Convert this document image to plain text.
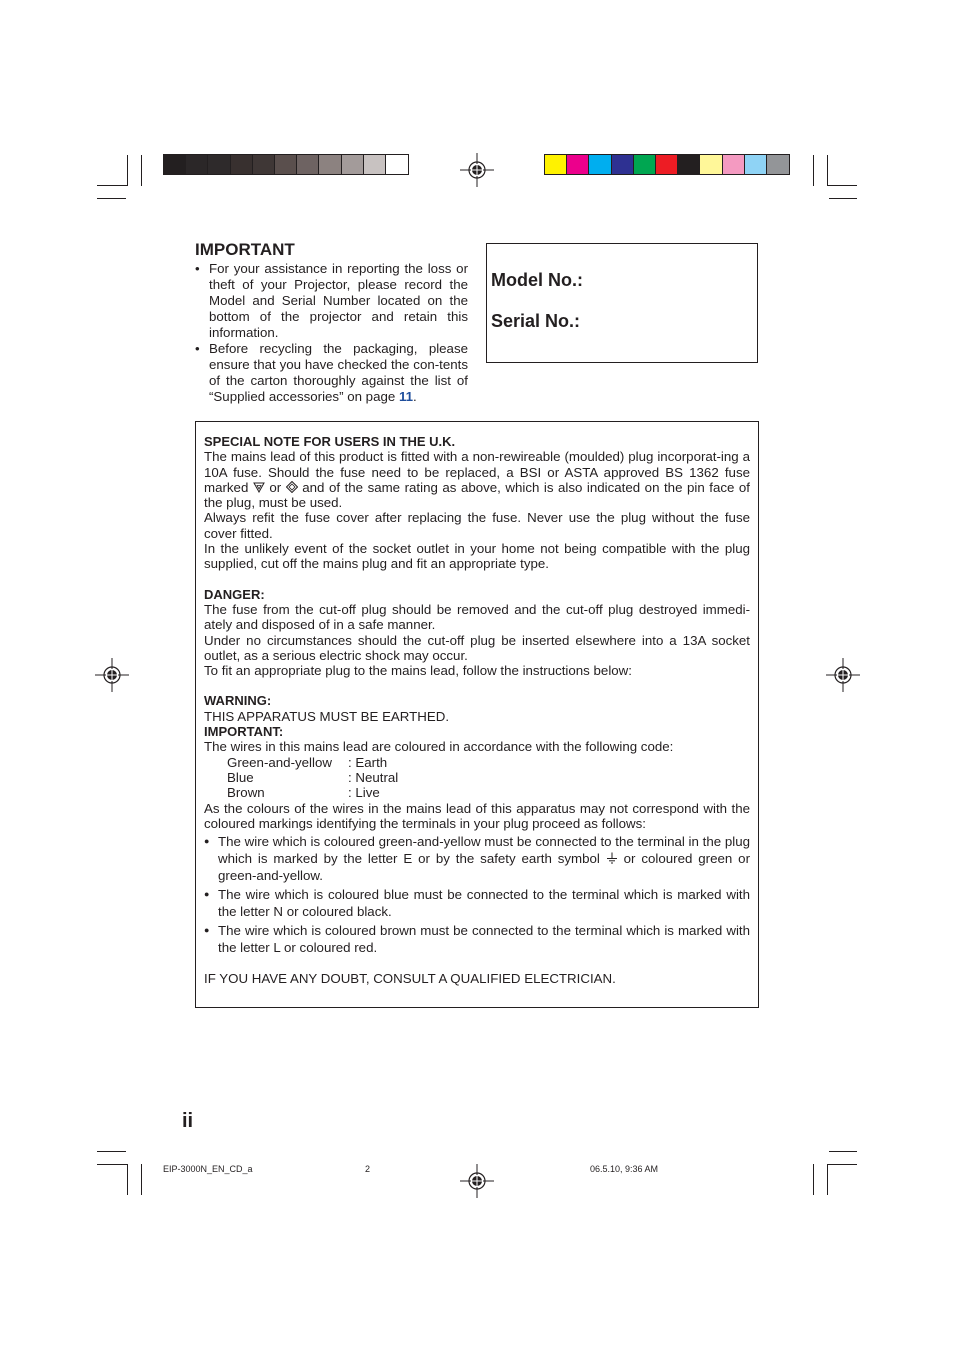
IMPORTANT
• For your assistance in reporting the loss or theft of your Projector, please record the Model and Serial Number located on the bottom of the projector and retain this information.
• Before recycling the packaging, please ensure that you have checked the con-tents of the carton thoroughly against the list of “Supplied accessories” on page 11.
Model No.:
Serial No.:
SPECIAL NOTE FOR USERS IN THE U.K.
The mains lead of this product is fitted with a non-rewireable (moulded) plug incorporat-ing a 10A fuse. Should the fuse need to be replaced, a BSI or ASTA approved BS 1362 fuse marked  or  and of the same rating as above, which is also indicated on the pin face of the plug, must be used.
Always refit the fuse cover after replacing the fuse. Never use the plug without the fuse cover fitted.
In the unlikely event of the socket outlet in your home not being compatible with the plug supplied, cut off the mains plug and fit an appropriate type.
DANGER:
The fuse from the cut-off plug should be removed and the cut-off plug destroyed immedi-ately and disposed of in a safe manner.
Under no circumstances should the cut-off plug be inserted elsewhere into a 13A socket outlet, as a serious electric shock may occur.
To fit an appropriate plug to the mains lead, follow the instructions below:
WARNING:
THIS APPARATUS MUST BE EARTHED.
IMPORTANT:
The wires in this mains lead are coloured in accordance with the following code:
Green-and-yellow	: Earth
Blue	: Neutral
Brown	: Live
As the colours of the wires in the mains lead of this apparatus may not correspond with the coloured markings identifying the terminals in your plug proceed as follows:
● The wire which is coloured green-and-yellow must be connected to the terminal in the plug which is marked by the letter E or by the safety earth symbol  or coloured green or green-and-yellow.
● The wire which is coloured blue must be connected to the terminal which is marked with the letter N or coloured black.
● The wire which is coloured brown must be connected to the terminal which is marked with the letter L or coloured red.
IF YOU HAVE ANY DOUBT, CONSULT A QUALIFIED ELECTRICIAN.
ii
EIP-3000N_EN_CD_a	2	06.5.10, 9:36 AM
